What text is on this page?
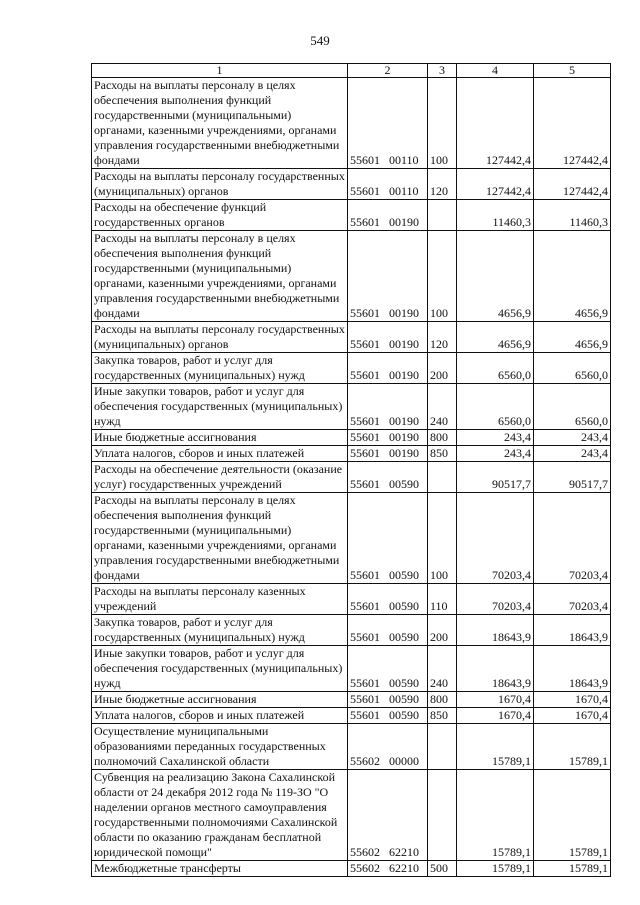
549
1	2	3	4	5
Расходы на выплаты персоналу в целях обеспечения выполнения функций государственными (муниципальными) органами, казенными учреждениями, органами управления государственными внебюджетными фондами	55601 00110	100	127442,4	127442,4
Расходы на выплаты персоналу государственных (муниципальных) органов	55601 00110	120	127442,4	127442,4
Расходы на обеспечение функций государственных органов	55601 00190		11460,3	11460,3
Расходы на выплаты персоналу в целях обеспечения выполнения функций государственными (муниципальными) органами, казенными учреждениями, органами управления государственными внебюджетными фондами	55601 00190	100	4656,9	4656,9
Расходы на выплаты персоналу государственных (муниципальных) органов	55601 00190	120	4656,9	4656,9
Закупка товаров, работ и услуг для государственных (муниципальных) нужд	55601 00190	200	6560,0	6560,0
Иные закупки товаров, работ и услуг для обеспечения государственных (муниципальных) нужд	55601 00190	240	6560,0	6560,0
Иные бюджетные ассигнования	55601 00190	800	243,4	243,4
Уплата налогов, сборов и иных платежей	55601 00190	850	243,4	243,4
Расходы на обеспечение деятельности (оказание услуг) государственных учреждений	55601 00590		90517,7	90517,7
Расходы на выплаты персоналу в целях обеспечения выполнения функций государственными (муниципальными) органами, казенными учреждениями, органами управления государственными внебюджетными фондами	55601 00590	100	70203,4	70203,4
Расходы на выплаты персоналу казенных учреждений	55601 00590	110	70203,4	70203,4
Закупка товаров, работ и услуг для государственных (муниципальных) нужд	55601 00590	200	18643,9	18643,9
Иные закупки товаров, работ и услуг для обеспечения государственных (муниципальных) нужд	55601 00590	240	18643,9	18643,9
Иные бюджетные ассигнования	55601 00590	800	1670,4	1670,4
Уплата налогов, сборов и иных платежей	55601 00590	850	1670,4	1670,4
Осуществление муниципальными образованиями переданных государственных полномочий Сахалинской области	55602 00000		15789,1	15789,1
Субвенция на реализацию Закона Сахалинской области от 24 декабря 2012 года № 119-ЗО "О наделении органов местного самоуправления государственными полномочиями Сахалинской области по оказанию гражданам бесплатной юридической помощи"	55602 62210		15789,1	15789,1
Межбюджетные трансферты	55602 62210	500	15789,1	15789,1
